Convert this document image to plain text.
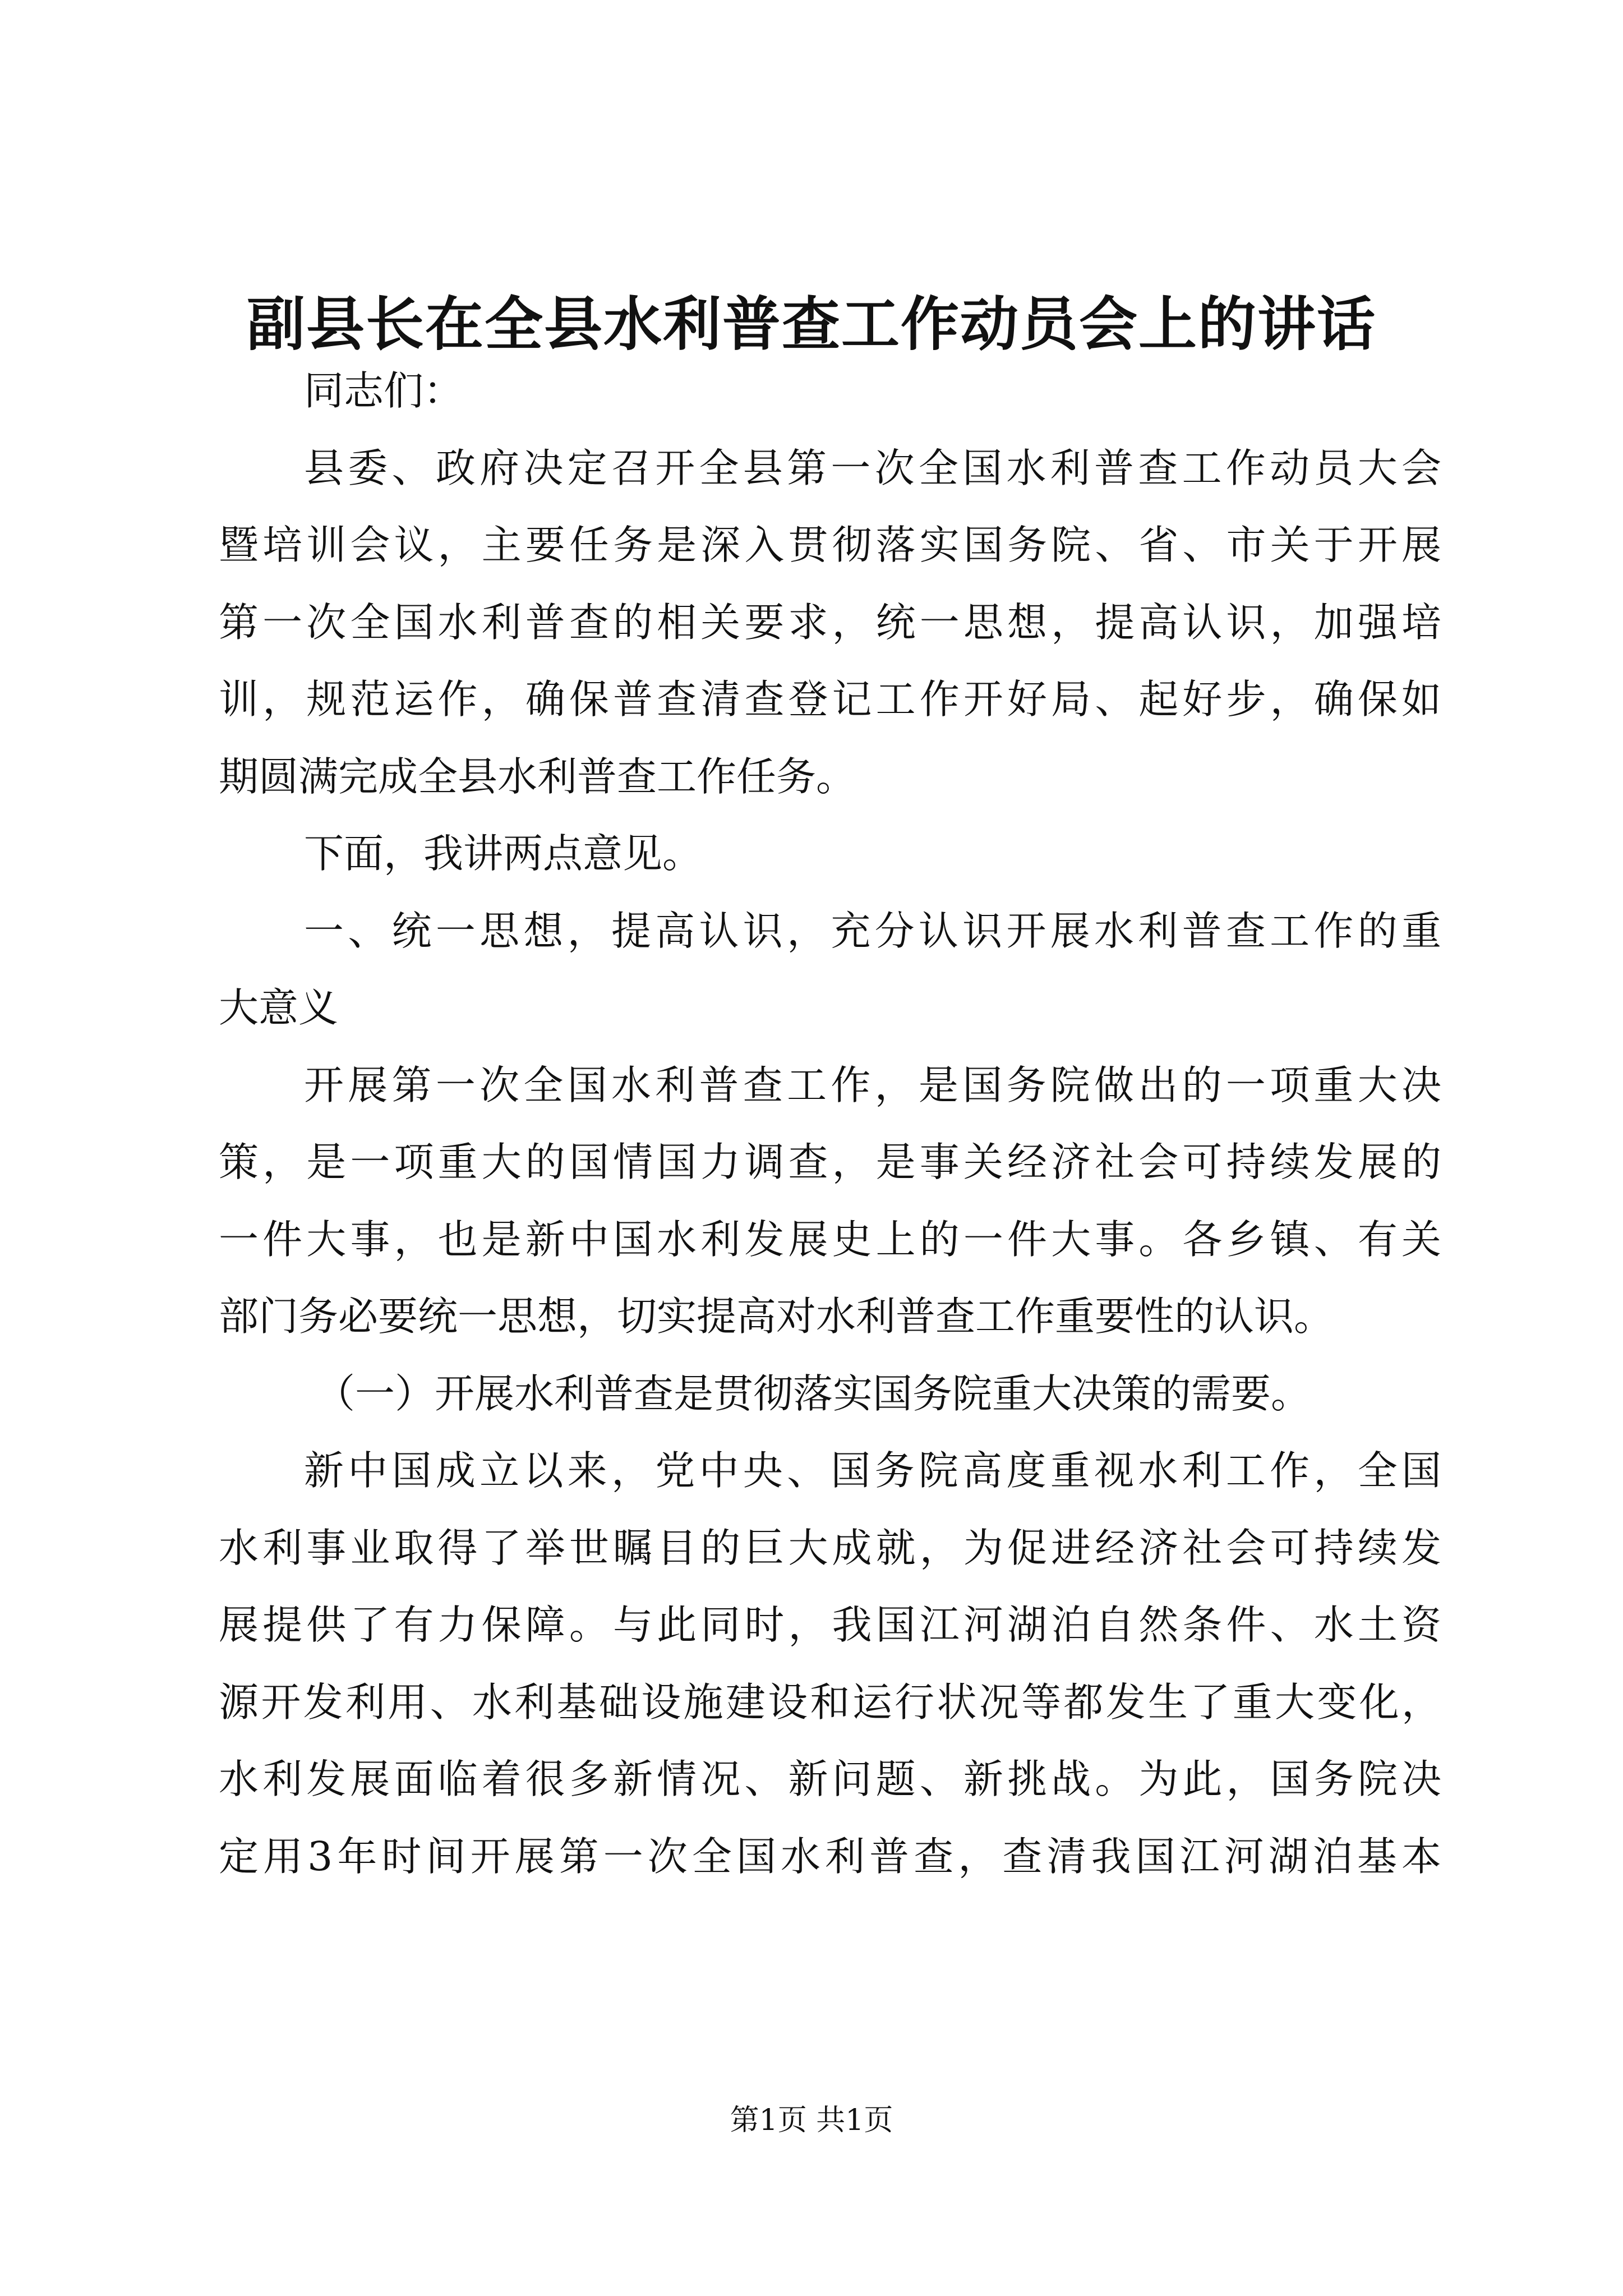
副县长在全县水利普查工作动员会上的讲话
同志们：
县委、政府决定召开全县第一次全国水利普查工作动员大会
暨培训会议，主要任务是深入贯彻落实国务院、省、市关于开展
第一次全国水利普查的相关要求，统一思想，提高认识，加强培
训，规范运作，确保普查清查登记工作开好局、起好步，确保如
期圆满完成全县水利普查工作任务。
下面，我讲两点意见。
一、统一思想，提高认识，充分认识开展水利普查工作的重
大意义
开展第一次全国水利普查工作，是国务院做出的一项重大决
策，是一项重大的国情国力调查，是事关经济社会可持续发展的
一件大事，也是新中国水利发展史上的一件大事。各乡镇、有关
部门务必要统一思想，切实提高对水利普查工作重要性的认识。
（一）开展水利普查是贯彻落实国务院重大决策的需要。
新中国成立以来，党中央、国务院高度重视水利工作，全国
水利事业取得了举世瞩目的巨大成就，为促进经济社会可持续发
展提供了有力保障。与此同时，我国江河湖泊自然条件、水土资
源开发利用、水利基础设施建设和运行状况等都发生了重大变化，
水利发展面临着很多新情况、新问题、新挑战。为此，国务院决
定用3年时间开展第一次全国水利普查，查清我国江河湖泊基本
第1页 共1页
